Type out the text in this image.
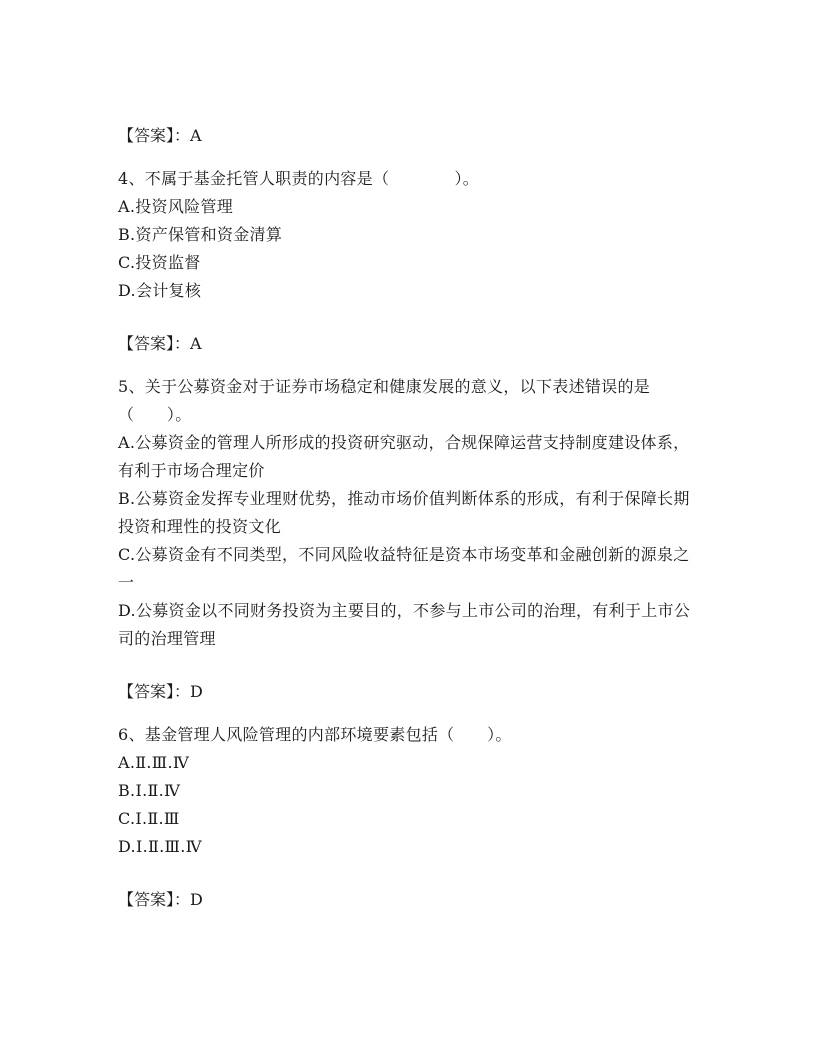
【答案】：A

4、不属于基金托管人职责的内容是（　　　　）。

A.投资风险管理

B.资产保管和资金清算

C.投资监督

D.会计复核

【答案】：A

5、关于公募资金对于证券市场稳定和健康发展的意义，以下表述错误的是（　　）。

A.公募资金的管理人所形成的投资研究驱动，合规保障运营支持制度建设体系，有利于市场合理定价

B.公募资金发挥专业理财优势，推动市场价值判断体系的形成，有利于保障长期投资和理性的投资文化

C.公募资金有不同类型，不同风险收益特征是资本市场变革和金融创新的源泉之一

D.公募资金以不同财务投资为主要目的，不参与上市公司的治理，有利于上市公司的治理管理

【答案】：D

6、基金管理人风险管理的内部环境要素包括（　　）。

A.Ⅱ.Ⅲ.Ⅳ

B.Ⅰ.Ⅱ.Ⅳ

C.Ⅰ.Ⅱ.Ⅲ

D.Ⅰ.Ⅱ.Ⅲ.Ⅳ

【答案】：D
